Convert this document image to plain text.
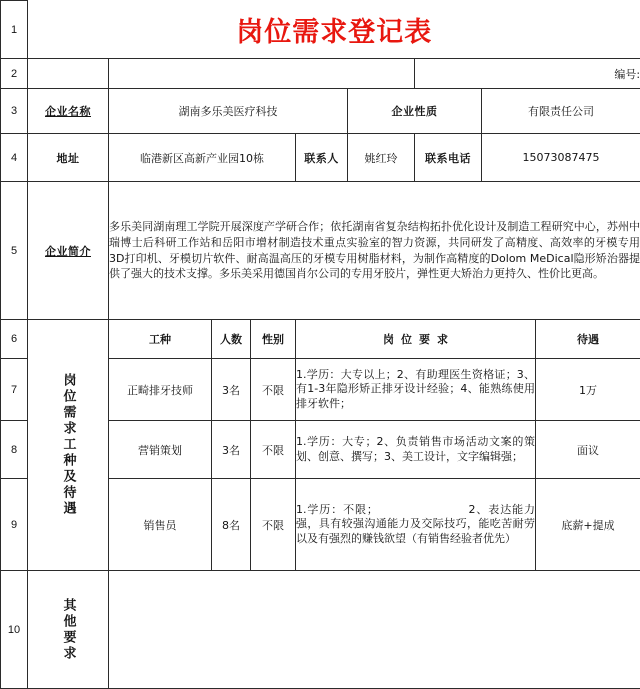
1	岗位需求登记表								
2							编号:		
3	企业名称	湖南多乐美医疗科技				企业性质		有限责任公司	
4	地址	临港新区高新产业园10栋			联系人	姚红玲	联系电话	15073087475	
5	企业简介	多乐美同湖南理工学院开展深度产学研合作；依托湖南省复杂结构拓扑优化设计及制造工程研究中心，苏州中瑞博士后科研工作站和岳阳市增材制造技术重点实验室的智力资源，共同研发了高精度、高效率的牙模专用3D打印机、牙模切片软件、耐高温高压的牙模专用树脂材料，为制作高精度的Dolom MeDical隐形矫治器提供了强大的技术支撑。多乐美采用德国肖尔公司的专用牙胶片，弹性更大矫治力更持久、性价比更高。							
6	岗位需求工种及待遇	工种	人数	性别	岗位要求				待遇
7		正畸排牙技师	3名	不限	1.学历：大专以上；2、有助理医生资格证；3、有1-3年隐形矫正排牙设计经验；4、能熟练使用排牙软件；				1万
8		营销策划	3名	不限	1.学历：大专；2、负责销售市场活动文案的策划、创意、撰写；3、美工设计，文字编辑强；				面议
9		销售员	8名	不限	1.学历：不限；　　　　　　　　2、表达能力强，具有较强沟通能力及交际技巧，能吃苦耐劳以及有强烈的赚钱欲望（有销售经验者优先）				底薪+提成
10	其他要求								
